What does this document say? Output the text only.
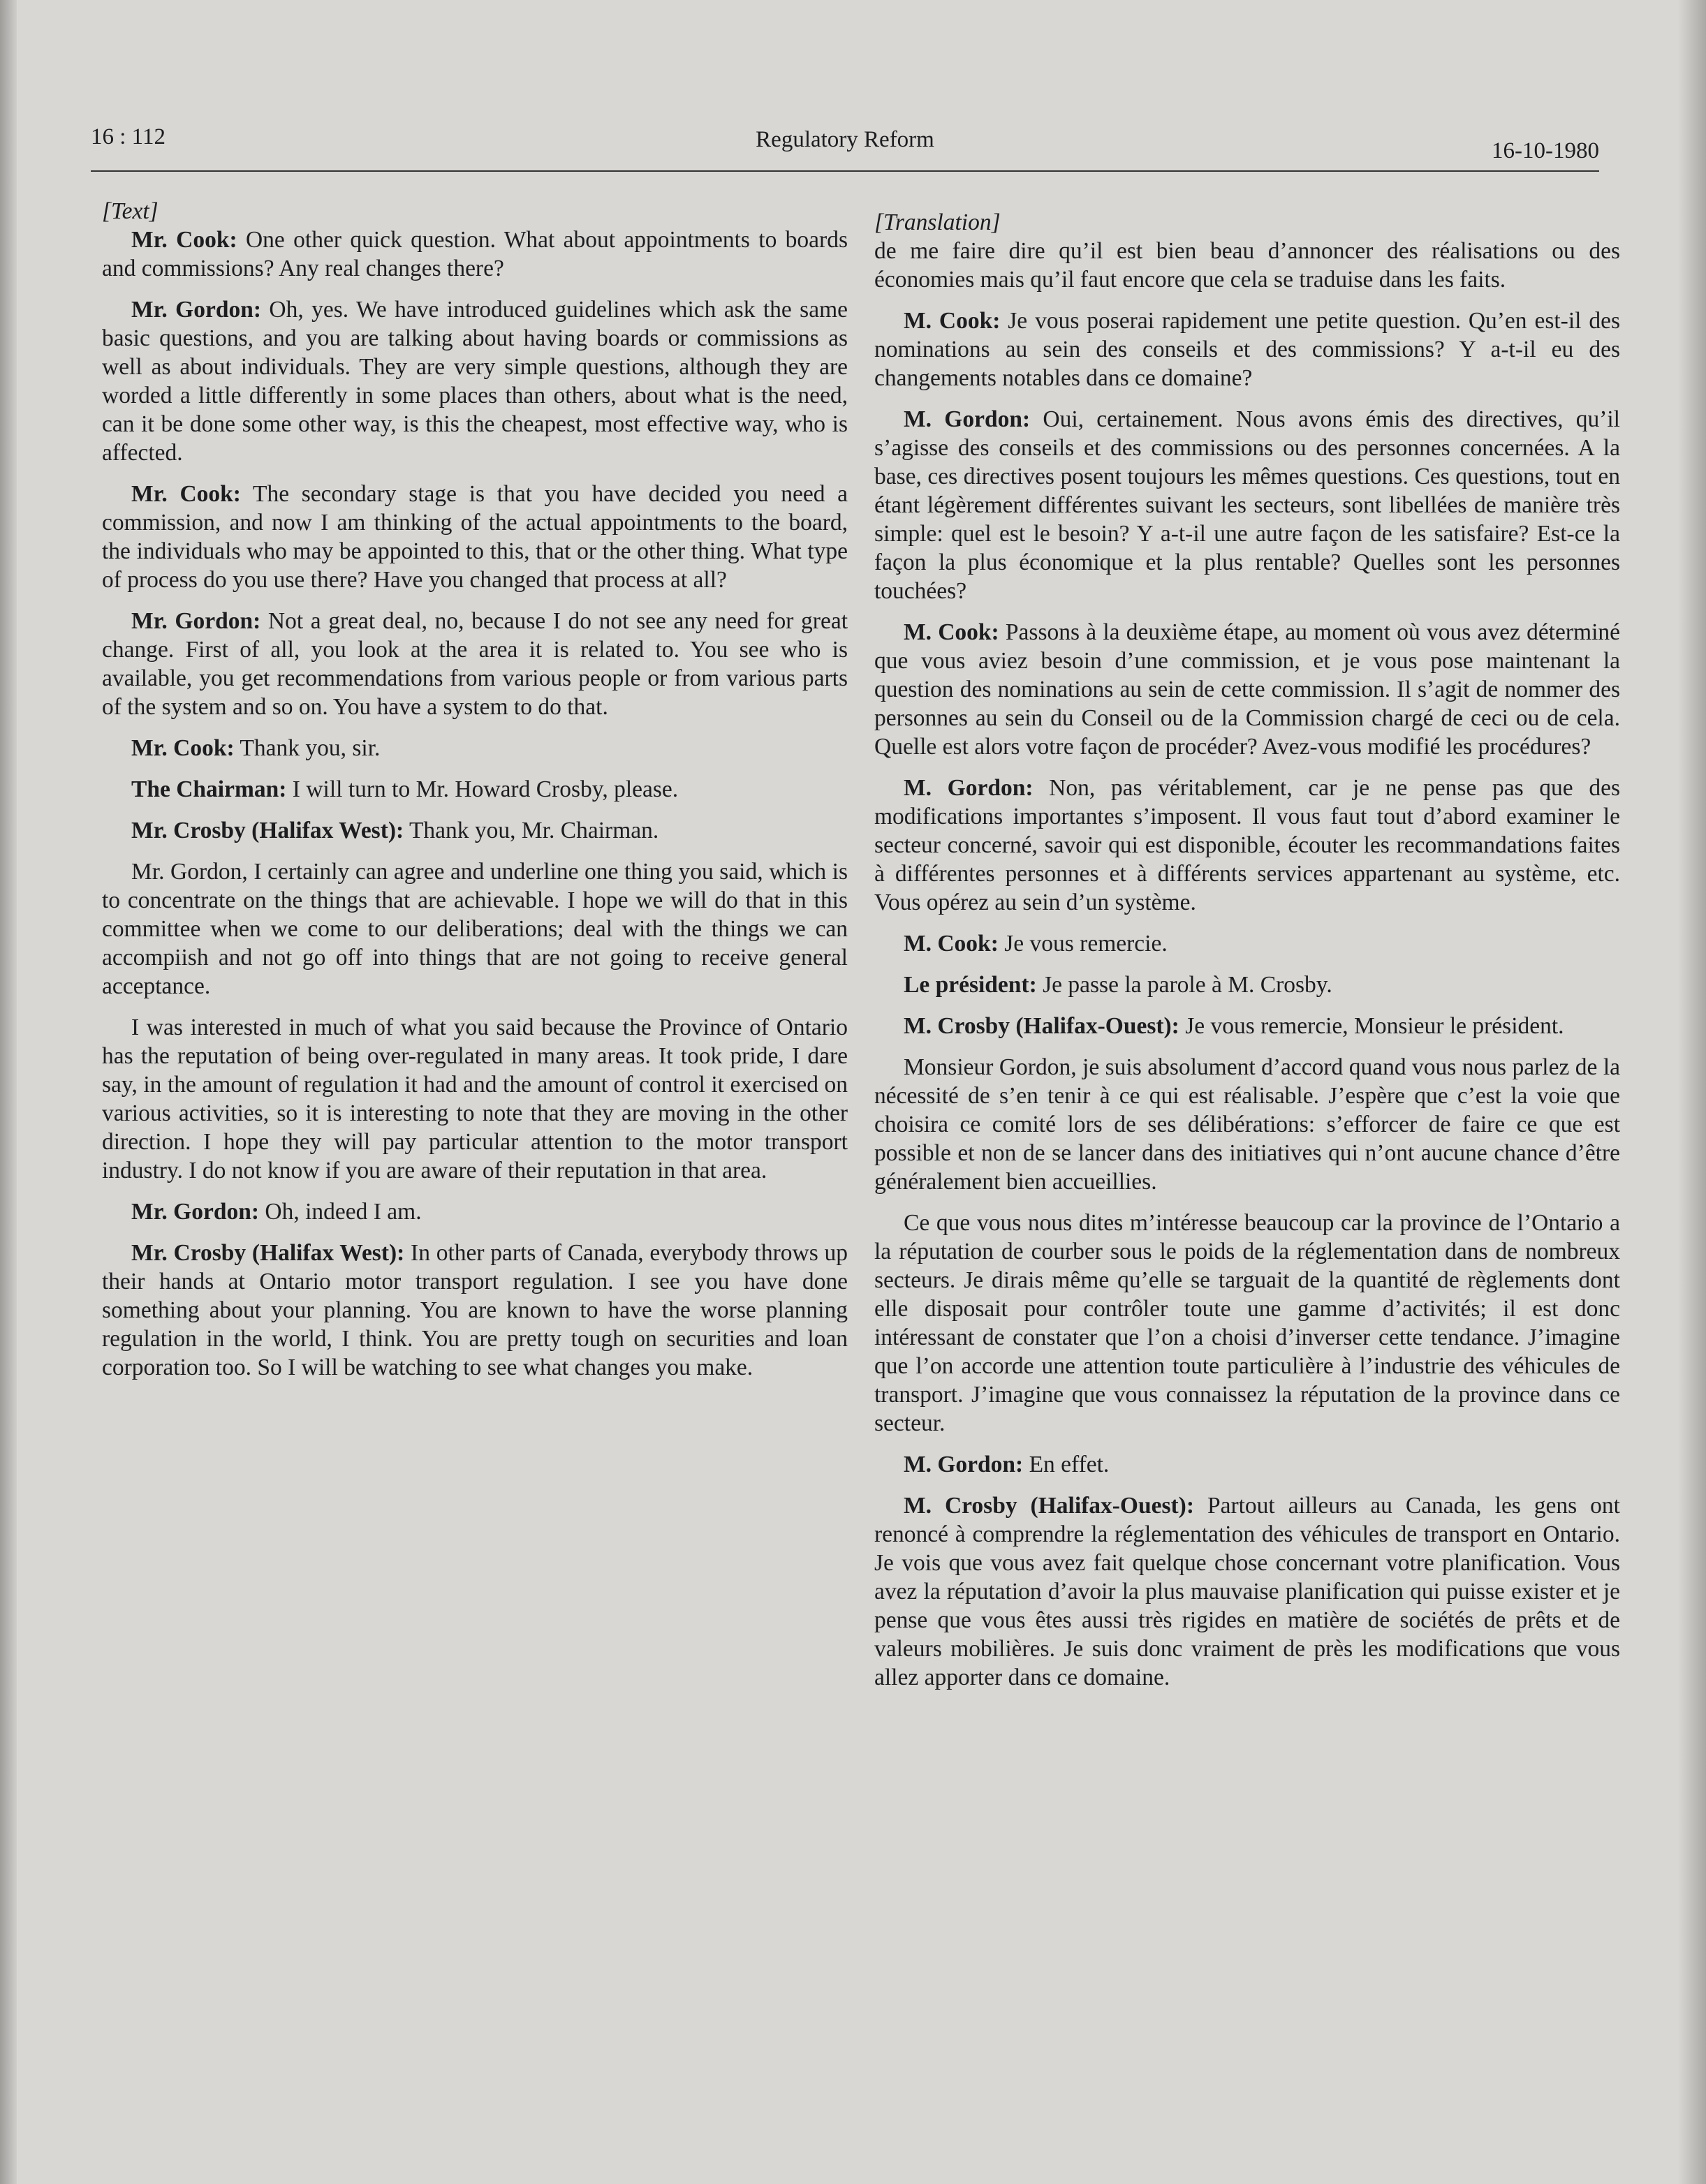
16 : 112	Regulatory Reform	16-10-1980
[Text]

Mr. Cook: One other quick question. What about appointments to boards and commissions? Any real changes there?

Mr. Gordon: Oh, yes. We have introduced guidelines which ask the same basic questions, and you are talking about having boards or commissions as well as about individuals. They are very simple questions, although they are worded a little differently in some places than others, about what is the need, can it be done some other way, is this the cheapest, most effective way, who is affected.

Mr. Cook: The secondary stage is that you have decided you need a commission, and now I am thinking of the actual appointments to the board, the individuals who may be appointed to this, that or the other thing. What type of process do you use there? Have you changed that process at all?

Mr. Gordon: Not a great deal, no, because I do not see any need for great change. First of all, you look at the area it is related to. You see who is available, you get recommendations from various people or from various parts of the system and so on. You have a system to do that.

Mr. Cook: Thank you, sir.

The Chairman: I will turn to Mr. Howard Crosby, please.

Mr. Crosby (Halifax West): Thank you, Mr. Chairman.

Mr. Gordon, I certainly can agree and underline one thing you said, which is to concentrate on the things that are achievable. I hope we will do that in this committee when we come to our deliberations; deal with the things we can accompiish and not go off into things that are not going to receive general acceptance.

I was interested in much of what you said because the Province of Ontario has the reputation of being over-regulated in many areas. It took pride, I dare say, in the amount of regulation it had and the amount of control it exercised on various activities, so it is interesting to note that they are moving in the other direction. I hope they will pay particular attention to the motor transport industry. I do not know if you are aware of their reputation in that area.

Mr. Gordon: Oh, indeed I am.

Mr. Crosby (Halifax West): In other parts of Canada, everybody throws up their hands at Ontario motor transport regulation. I see you have done something about your planning. You are known to have the worse planning regulation in the world, I think. You are pretty tough on securities and loan corporation too. So I will be watching to see what changes you make.

[Translation]

de me faire dire qu’il est bien beau d’annoncer des réalisations ou des économies mais qu’il faut encore que cela se traduise dans les faits.

M. Cook: Je vous poserai rapidement une petite question. Qu’en est-il des nominations au sein des conseils et des commissions? Y a-t-il eu des changements notables dans ce domaine?

M. Gordon: Oui, certainement. Nous avons émis des directives, qu’il s’agisse des conseils et des commissions ou des personnes concernées. A la base, ces directives posent toujours les mêmes questions. Ces questions, tout en étant légèrement différentes suivant les secteurs, sont libellées de manière très simple: quel est le besoin? Y a-t-il une autre façon de les satisfaire? Est-ce la façon la plus économique et la plus rentable? Quelles sont les personnes touchées?

M. Cook: Passons à la deuxième étape, au moment où vous avez déterminé que vous aviez besoin d’une commission, et je vous pose maintenant la question des nominations au sein de cette commission. Il s’agit de nommer des personnes au sein du Conseil ou de la Commission chargé de ceci ou de cela. Quelle est alors votre façon de procéder? Avez-vous modifié les procédures?

M. Gordon: Non, pas véritablement, car je ne pense pas que des modifications importantes s’imposent. Il vous faut tout d’abord examiner le secteur concerné, savoir qui est disponible, écouter les recommandations faites à différentes personnes et à différents services appartenant au système, etc. Vous opérez au sein d’un système.

M. Cook: Je vous remercie.

Le président: Je passe la parole à M. Crosby.

M. Crosby (Halifax-Ouest): Je vous remercie, Monsieur le président.

Monsieur Gordon, je suis absolument d’accord quand vous nous parlez de la nécessité de s’en tenir à ce qui est réalisable. J’espère que c’est la voie que choisira ce comité lors de ses délibérations: s’efforcer de faire ce que est possible et non de se lancer dans des initiatives qui n’ont aucune chance d’être généralement bien accueillies.

Ce que vous nous dites m’intéresse beaucoup car la province de l’Ontario a la réputation de courber sous le poids de la réglementation dans de nombreux secteurs. Je dirais même qu’elle se targuait de la quantité de règlements dont elle disposait pour contrôler toute une gamme d’activités; il est donc intéressant de constater que l’on a choisi d’inverser cette tendance. J’imagine que l’on accorde une attention toute particulière à l’industrie des véhicules de transport. J’imagine que vous connaissez la réputation de la province dans ce secteur.

M. Gordon: En effet.

M. Crosby (Halifax-Ouest): Partout ailleurs au Canada, les gens ont renoncé à comprendre la réglementation des véhicules de transport en Ontario. Je vois que vous avez fait quelque chose concernant votre planification. Vous avez la réputation d’avoir la plus mauvaise planification qui puisse exister et je pense que vous êtes aussi très rigides en matière de sociétés de prêts et de valeurs mobilières. Je suis donc vraiment de près les modifications que vous allez apporter dans ce domaine.
